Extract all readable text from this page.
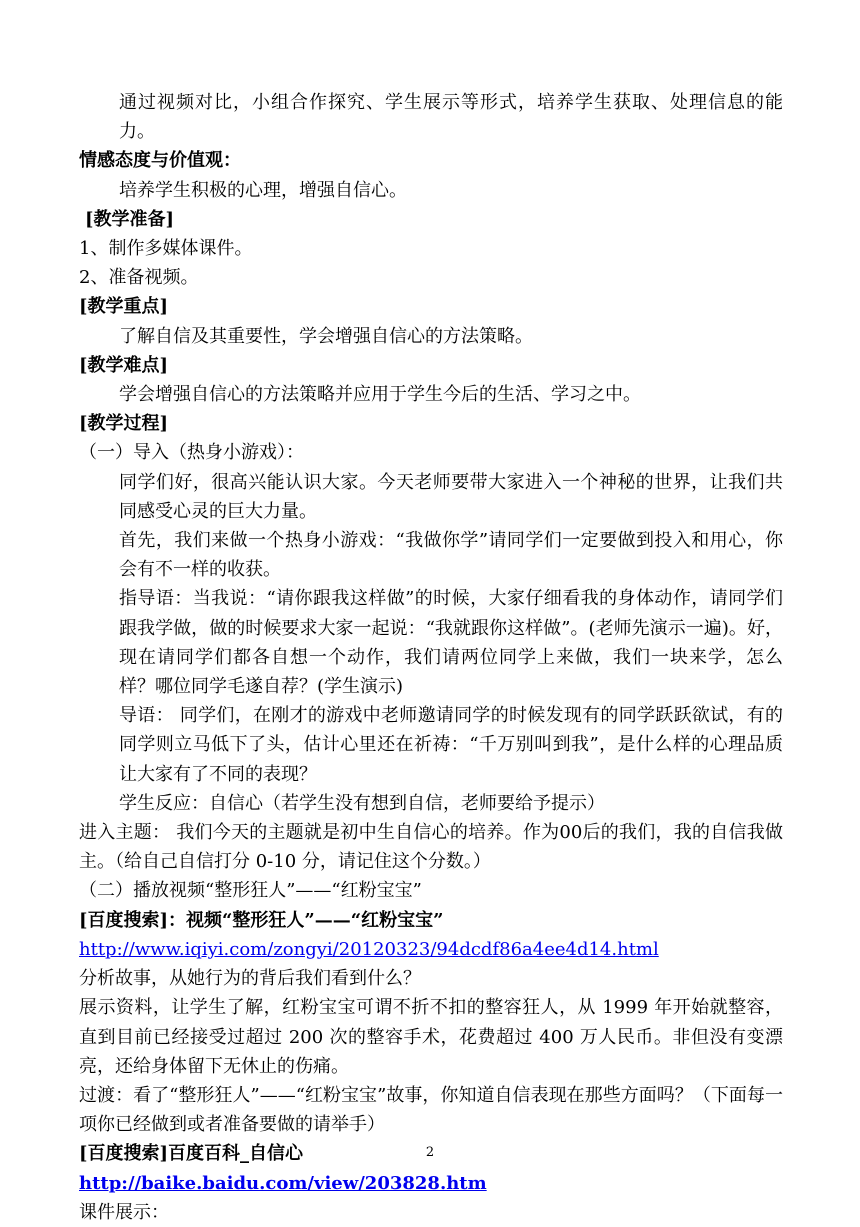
通过视频对比，小组合作探究、学生展示等形式，培养学生获取、处理信息的能力。

情感态度与价值观：

培养学生积极的心理，增强自信心。

[教学准备]

1、制作多媒体课件。

2、准备视频。

[教学重点]

了解自信及其重要性，学会增强自信心的方法策略。

[教学难点]

学会增强自信心的方法策略并应用于学生今后的生活、学习之中。

[教学过程]

（一）导入（热身小游戏）：

同学们好，很高兴能认识大家。今天老师要带大家进入一个神秘的世界，让我们共同感受心灵的巨大力量。

首先，我们来做一个热身小游戏：“我做你学”请同学们一定要做到投入和用心，你会有不一样的收获。

指导语：当我说：“请你跟我这样做”的时候，大家仔细看我的身体动作，请同学们跟我学做，做的时候要求大家一起说：“我就跟你这样做”。(老师先演示一遍)。好，现在请同学们都各自想一个动作，我们请两位同学上来做，我们一块来学，怎么样？哪位同学毛遂自荐？(学生演示)

导语： 同学们，在刚才的游戏中老师邀请同学的时候发现有的同学跃跃欲试，有的同学则立马低下了头，估计心里还在祈祷：“千万别叫到我”，是什么样的心理品质让大家有了不同的表现？

学生反应：自信心（若学生没有想到自信，老师要给予提示）

进入主题： 我们今天的主题就是初中生自信心的培养。作为00后的我们，我的自信我做主。（给自己自信打分 0-10 分，请记住这个分数。）

（二）播放视频“整形狂人”——“红粉宝宝”

[百度搜索]：视频“整形狂人”——“红粉宝宝”

http://www.iqiyi.com/zongyi/20120323/94dcdf86a4ee4d14.html

分析故事，从她行为的背后我们看到什么？

展示资料，让学生了解，红粉宝宝可谓不折不扣的整容狂人，从 1999 年开始就整容，直到目前已经接受过超过 200 次的整容手术，花费超过 400 万人民币。非但没有变漂亮，还给身体留下无休止的伤痛。

过渡：看了“整形狂人”——“红粉宝宝”故事，你知道自信表现在那些方面吗？（下面每一项你已经做到或者准备要做的请举手）

[百度搜索]百度百科_自信心

http://baike.baidu.com/view/203828.htm

课件展示：

2
